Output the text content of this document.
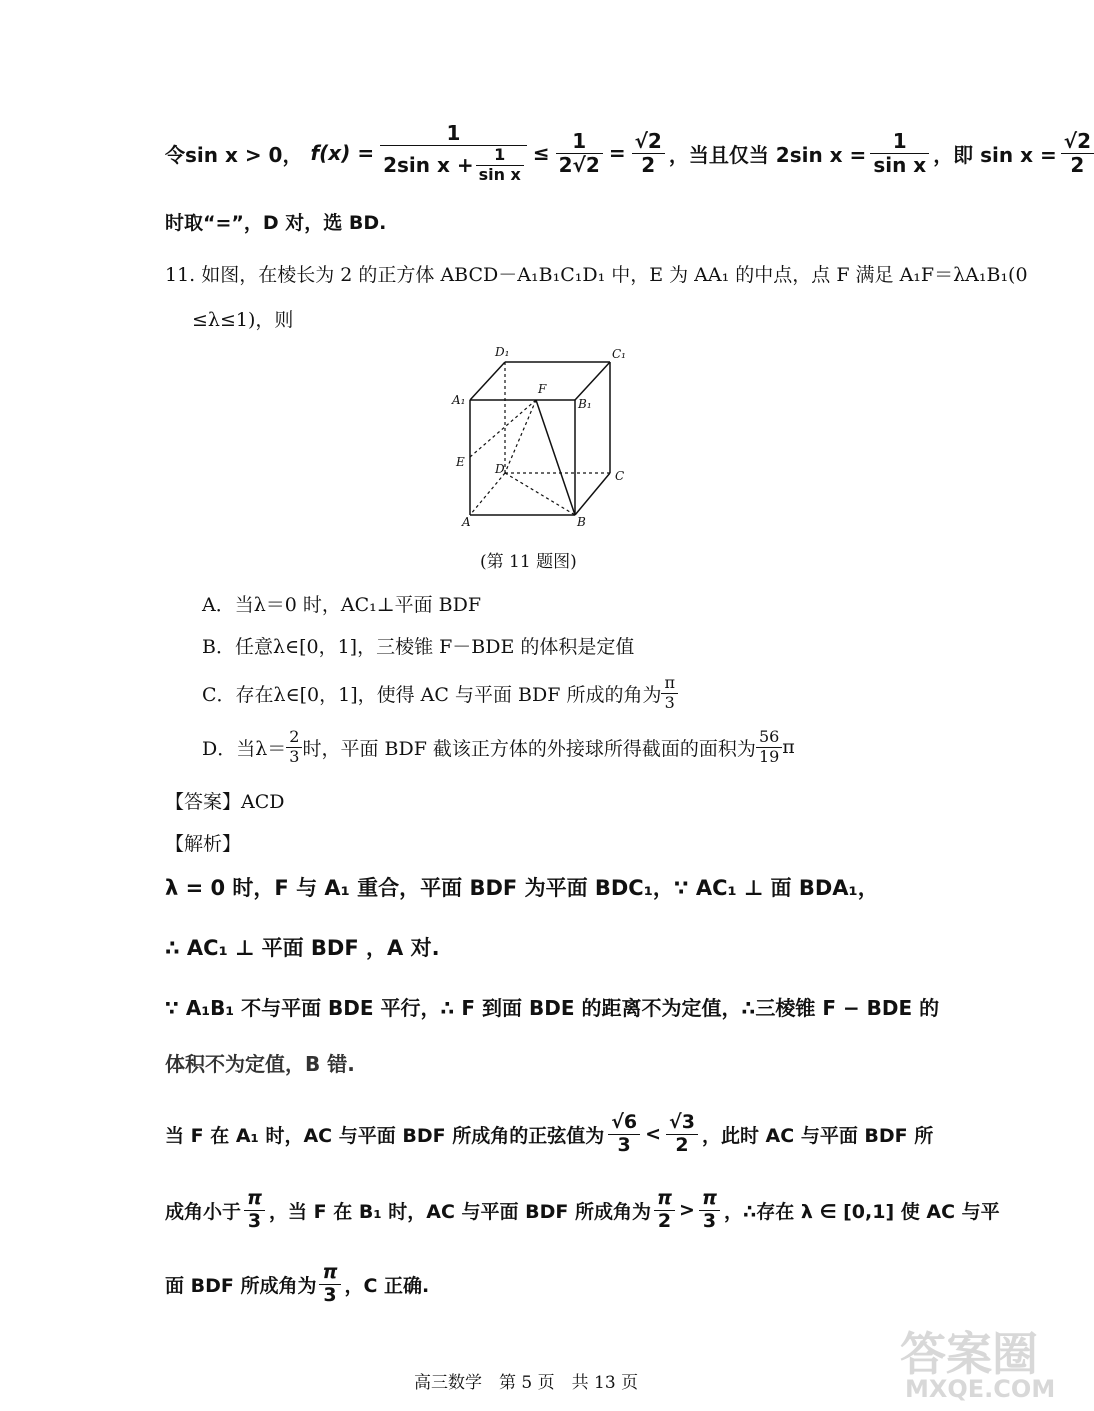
令sin x > 0， $f(x) = \frac{1}{2\sin x + \frac{1}{\text{sin x}}} \le \frac{1}{2√2} = \frac{√2}{2}$ ，当且仅当 2sin $x = \frac{1}{\text{sin x}}$ ，即 $\sin x = \frac{√2}{2}$
时取“=”，D 对，选 BD.
11. 如图，在棱长为 2 的正方体 ABCD－A₁B₁C₁D₁ 中，E 为 AA₁ 的中点，点 F 满足 A₁F＝λA₁B₁(0
≤λ≤1)，则
D₁	C₁
A₁	B₁
F
E	D	C
A	B
(第 11 题图)
A．当λ＝0 时，AC₁⊥平面 BDF
B．任意λ∈[0，1]，三棱锥 F－BDE 的体积是定值
C．存在λ∈[0，1]，使得 AC 与平面 BDF 所成的角为 $\frac{\pi}{3}$
D．当$\lambda= \frac{2}{3}$ 时，平面 BDF 截该正方体的外接球所得截面的面积为 $\frac{56}{19}$ π
【答案】ACD
【解析】
λ = 0 时，F 与 A₁ 重合，平面 BDF 为平面 BDC₁，∵ AC₁ ⊥ 面 BDA₁，
∴ AC₁ ⊥ 平面 BDF ，A 对.
∵ A₁B₁ 不与平面 BDE 平行，∴ F 到面 BDE 的距离不为定值，∴三棱锥 F − BDE 的
体积不为定值，B 错.
当 F 在 A₁ 时，AC 与平面 BDF 所成角的正弦值为 $\frac{√6}{3} < \frac{√3}{2}$ ，此时 AC 与平面 BDF 所
成角小于 $\frac{\pi}{3}$ ，当 F 在 B₁ 时，AC 与平面 BDF 所成角为 $\frac{\pi}{2} > \frac{\pi}{3}$ ，∴存在 λ ∈ [0,1] 使 AC 与平
面 BDF 所成角为 $\frac{\pi}{3}$ ，C 正确.
高三数学　第 5 页　共 13 页
答案圈
MXQE.COM
